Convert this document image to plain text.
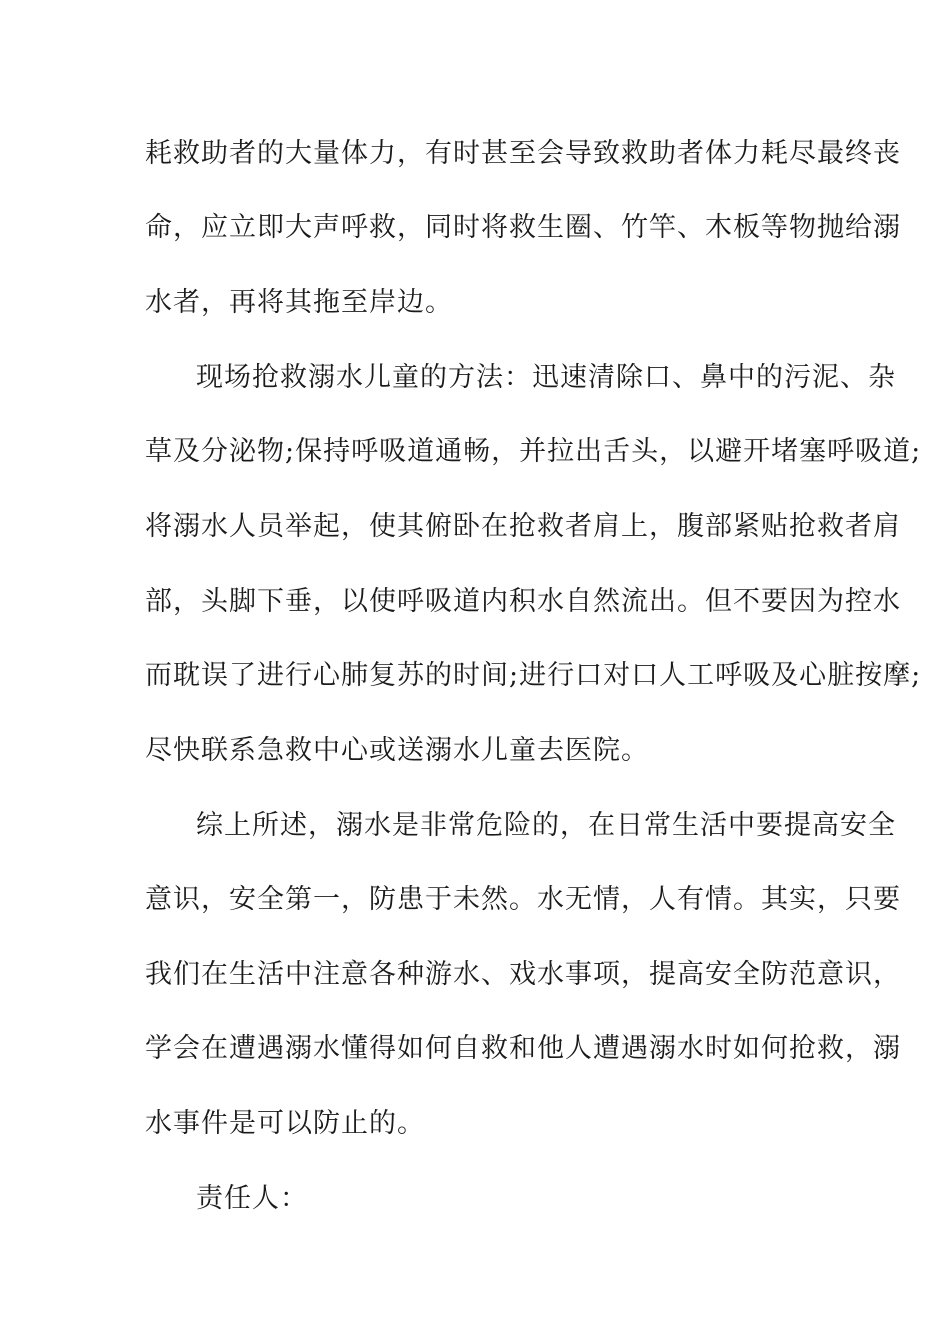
耗救助者的大量体力，有时甚至会导致救助者体力耗尽最终丧
命，应立即大声呼救，同时将救生圈、竹竿、木板等物抛给溺
水者，再将其拖至岸边。
现场抢救溺水儿童的方法：迅速清除口、鼻中的污泥、杂
草及分泌物;保持呼吸道通畅，并拉出舌头，以避开堵塞呼吸道;
将溺水人员举起，使其俯卧在抢救者肩上，腹部紧贴抢救者肩
部，头脚下垂，以使呼吸道内积水自然流出。但不要因为控水
而耽误了进行心肺复苏的时间;进行口对口人工呼吸及心脏按摩;
尽快联系急救中心或送溺水儿童去医院。
综上所述，溺水是非常危险的，在日常生活中要提高安全
意识，安全第一，防患于未然。水无情，人有情。其实，只要
我们在生活中注意各种游水、戏水事项，提高安全防范意识，
学会在遭遇溺水懂得如何自救和他人遭遇溺水时如何抢救，溺
水事件是可以防止的。
责任人：
